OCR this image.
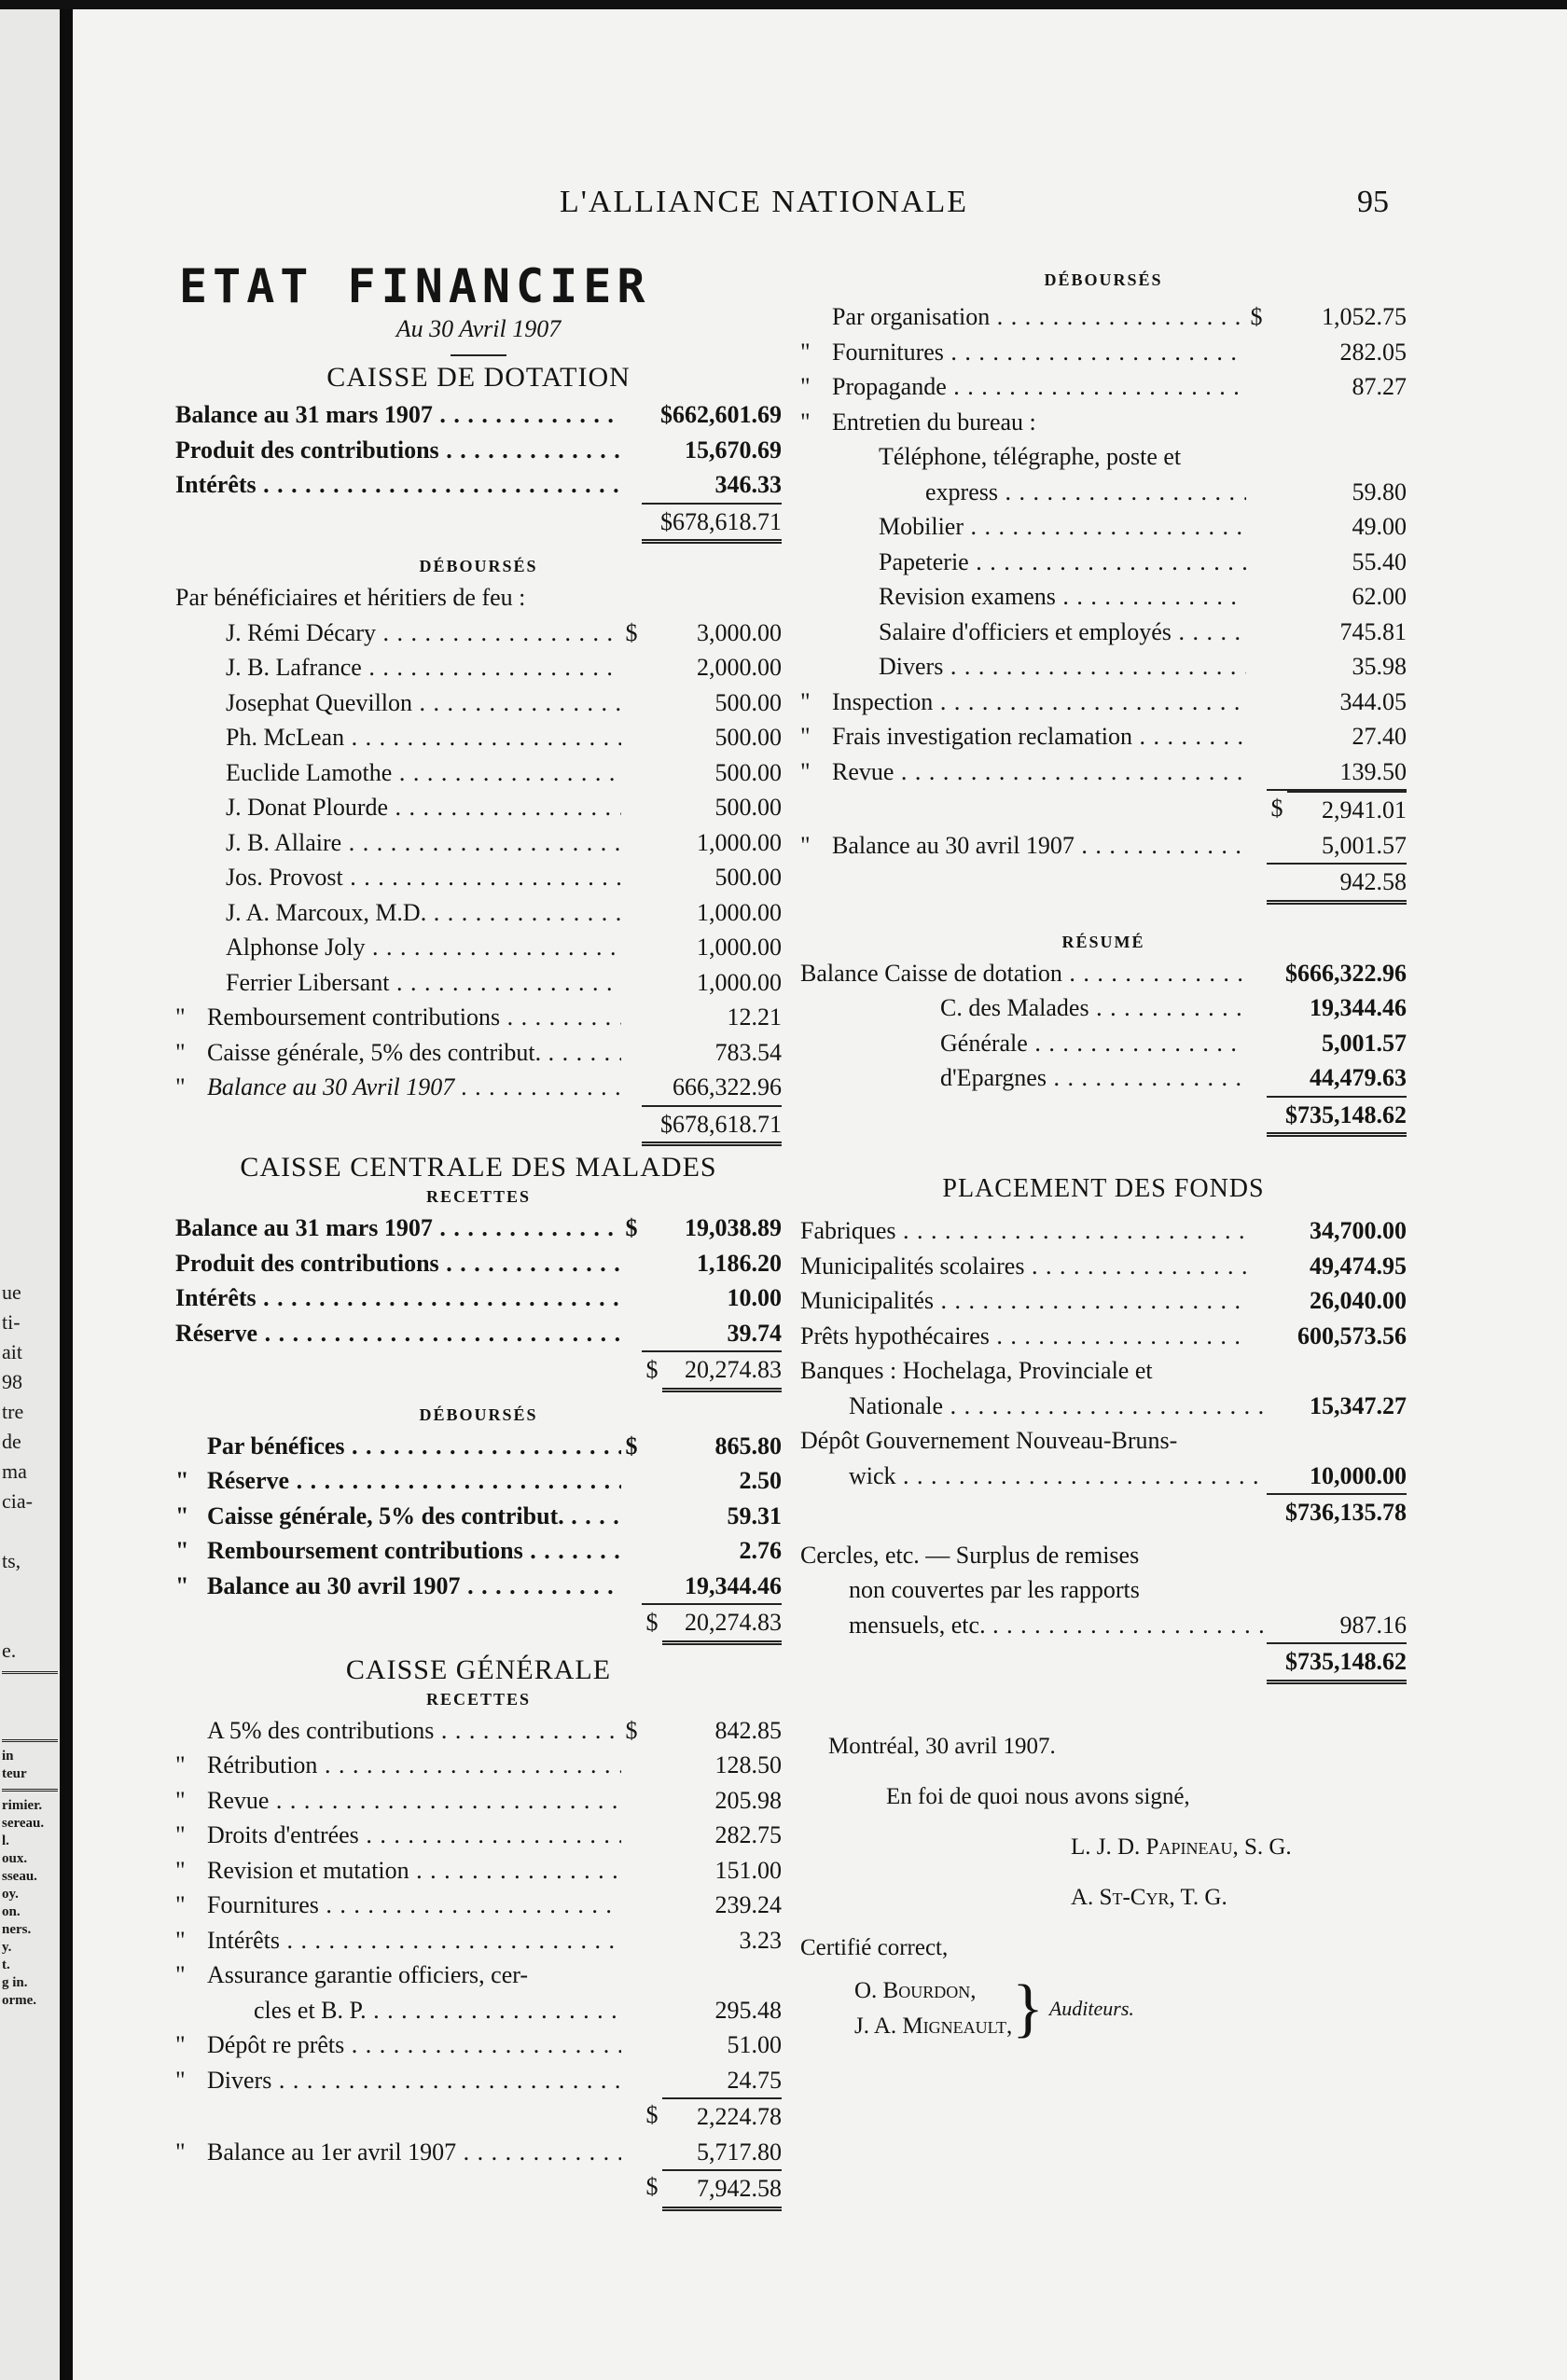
ue
ti-
ait
98
tre
de
ma
cia-
ts,
e.
in
teur
rimier.
sereau.
l.
oux.
sseau.
oy.
on.
ners.
y.
t.
g in.
orme.
L'ALLIANCE NATIONALE	95
ETAT FINANCIER
Au 30 Avril 1907
CAISSE DE DOTATION
Balance au 31 mars 1907 . . .	$662,601.69
Produit des contributions . . .	15,670.69
Intérêts . . .	346.33
$678,618.71
DÉBOURSÉS
Par bénéficiaires et héritiers de feu :
J. Rémi Décary . . .	$	3,000.00
J. B. Lafrance . . .	2,000.00
Josephat Quevillon . . .	500.00
Ph. McLean . . .	500.00
Euclide Lamothe . . .	500.00
J. Donat Plourde . . .	500.00
J. B. Allaire . . .	1,000.00
Jos. Provost . . .	500.00
J. A. Marcoux, M.D. . . .	1,000.00
Alphonse Joly . . .	1,000.00
Ferrier Libersant . . .	1,000.00
" Remboursement contributions . . .	12.21
" Caisse générale, 5% des contribut. . . .	783.54
" Balance au 30 Avril 1907 . . .	666,322.96
$678,618.71
CAISSE CENTRALE DES MALADES
RECETTES
Balance au 31 mars 1907 . . .	$	19,038.89
Produit des contributions . . .	1,186.20
Intérêts . . .	10.00
Réserve . . .	39.74
$	20,274.83
DÉBOURSÉS
Par bénéfices . . .	$	865.80
" Réserve . . .	2.50
" Caisse générale, 5% des contribut. . . .	59.31
" Remboursement contributions . . .	2.76
" Balance au 30 avril 1907 . . .	19,344.46
$	20,274.83
CAISSE GÉNÉRALE
RECETTES
A 5% des contributions . . .	$	842.85
" Rétribution . . .	128.50
" Revue . . .	205.98
" Droits d'entrées . . .	282.75
" Revision et mutation . . .	151.00
" Fournitures . . .	239.24
" Intérêts . . .	3.23
" Assurance garantie officiers, cer-
cles et B. P. . . .	295.48
" Dépôt re prêts . . .	51.00
" Divers . . .	24.75
$	2,224.78
" Balance au 1er avril 1907 . . .	5,717.80
$	7,942.58
DÉBOURSÉS
Par organisation . . .	$	1,052.75
" Fournitures . . .	282.05
" Propagande . . .	87.27
" Entretien du bureau :
Téléphone, télégraphe, poste et
express . . .	59.80
Mobilier . . .	49.00
Papeterie . . .	55.40
Revision examens . . .	62.00
Salaire d'officiers et employés . . .	745.81
Divers . . .	35.98
" Inspection . . .	344.05
" Frais investigation reclamation . . .	27.40
" Revue . . .	139.50
$	2,941.01
" Balance au 30 avril 1907 . . .	5,001.57
942.58
RÉSUMÉ
Balance Caisse de dotation . . .	$666,322.96
C. des Malades . . .	19,344.46
Générale . . .	5,001.57
d'Epargnes . . .	44,479.63
$735,148.62
PLACEMENT DES FONDS
Fabriques . . .	34,700.00
Municipalités scolaires . . .	49,474.95
Municipalités . . .	26,040.00
Prêts hypothécaires . . .	600,573.56
Banques : Hochelaga, Provinciale et
Nationale . . .	15,347.27
Dépôt Gouvernement Nouveau-Bruns-
wick . . .	10,000.00
$736,135.78
Cercles, etc. — Surplus de remises
non couvertes par les rapports
mensuels, etc. . . .	987.16
$735,148.62
Montréal, 30 avril 1907.
En foi de quoi nous avons signé,
L. J. D. Papineau, S. G.
A. St-Cyr, T. G.
Certifié correct,
O. Bourdon,
J. A. Migneault, } Auditeurs.
